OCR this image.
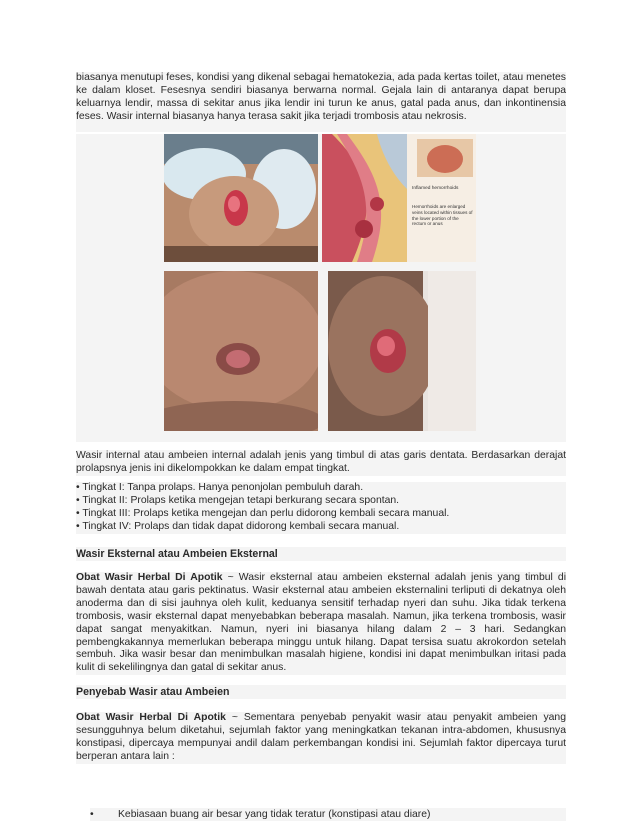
biasanya menutupi feses, kondisi yang dikenal sebagai hematokezia, ada pada kertas toilet, atau menetes ke dalam kloset. Fesesnya sendiri biasanya berwarna normal. Gejala lain di antaranya dapat berupa keluarnya lendir, massa di sekitar anus jika lendir ini turun ke anus, gatal pada anus, dan inkontinensia feses. Wasir internal biasanya hanya terasa sakit jika terjadi trombosis atau nekrosis.

Inflamed hemorrhoids
Hemorrhoids are enlarged veins located within tissues of the lower portion of the rectum or anus

Wasir internal atau ambeien internal adalah jenis yang timbul di atas garis dentata. Berdasarkan derajat prolapsnya jenis ini dikelompokkan ke dalam empat tingkat.

• Tingkat I: Tanpa prolaps. Hanya penonjolan pembuluh darah.
• Tingkat II: Prolaps ketika mengejan tetapi berkurang secara spontan.
• Tingkat III: Prolaps ketika mengejan dan perlu didorong kembali secara manual.
• Tingkat IV: Prolaps dan tidak dapat didorong kembali secara manual.
Wasir Eksternal atau Ambeien Eksternal

Obat Wasir Herbal Di Apotik ~ Wasir eksternal atau ambeien eksternal adalah jenis yang timbul di bawah dentata atau garis pektinatus. Wasir eksternal atau ambeien eksternalini terliputi di dekatnya oleh anoderma dan di sisi jauhnya oleh kulit, keduanya sensitif terhadap nyeri dan suhu. Jika tidak terkena trombosis, wasir eksternal dapat menyebabkan beberapa masalah. Namun, jika terkena trombosis, wasir dapat sangat menyakitkan. Namun, nyeri ini biasanya hilang dalam 2 – 3 hari. Sedangkan pembengkakannya memerlukan beberapa minggu untuk hilang. Dapat tersisa suatu akrokordon setelah sembuh. Jika wasir besar dan menimbulkan masalah higiene, kondisi ini dapat menimbulkan iritasi pada kulit di sekelilingnya dan gatal di sekitar anus.

Penyebab Wasir atau Ambeien

Obat Wasir Herbal Di Apotik ~ Sementara penyebab penyakit wasir atau penyakit ambeien yang sesungguhnya belum diketahui, sejumlah faktor yang meningkatkan tekanan intra-abdomen, khususnya konstipasi, dipercaya mempunyai andil dalam perkembangan kondisi ini. Sejumlah faktor dipercaya turut berperan antara lain :

• Kebiasaan buang air besar yang tidak teratur (konstipasi atau diare)
